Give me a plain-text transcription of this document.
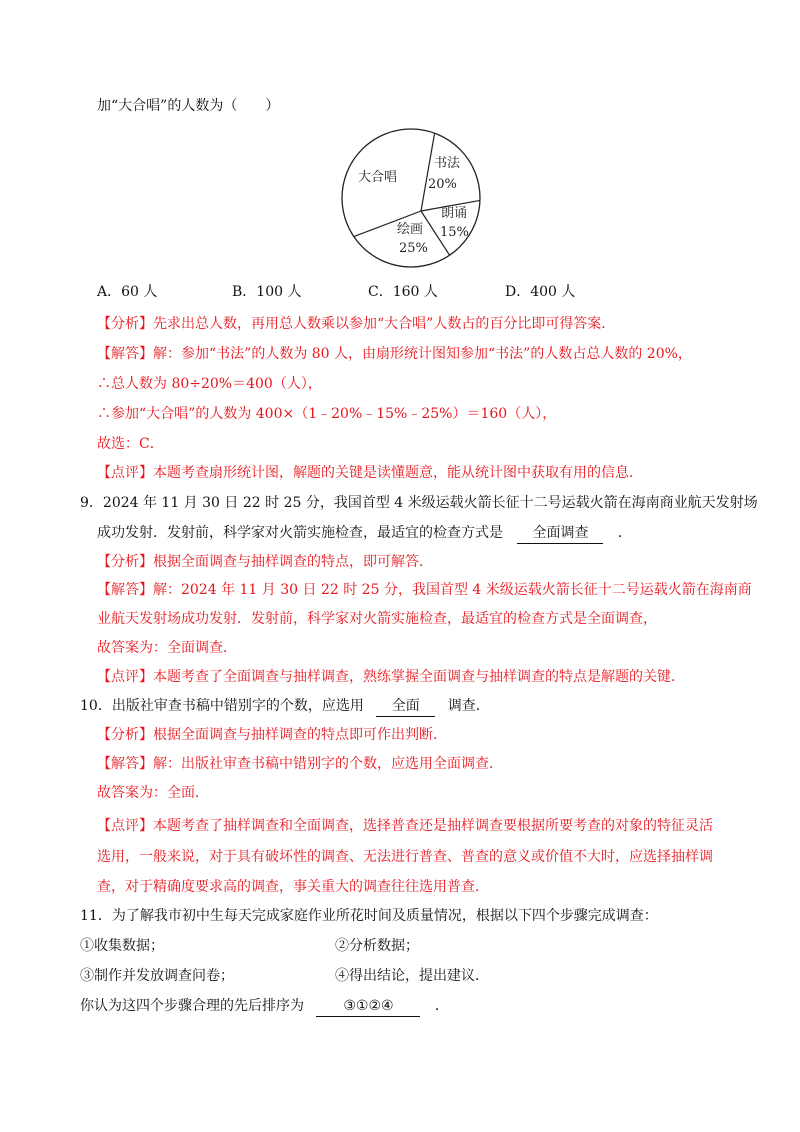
加“大合唱”的人数为（　　）
大合唱
书法
20%
朗诵
15%
绘画
25%
A．60 人	B．100 人	C．160 人	D．400 人
【分析】先求出总人数，再用总人数乘以参加“大合唱”人数占的百分比即可得答案．
【解答】解：参加“书法”的人数为 80 人，由扇形统计图知参加“书法”的人数占总人数的 20%，
∴总人数为 80÷20%＝400（人），
∴参加“大合唱”的人数为 400×（1﹣20%﹣15%﹣25%）＝160（人），
故选：C．
【点评】本题考查扇形统计图，解题的关键是读懂题意，能从统计图中获取有用的信息．
9．2024 年 11 月 30 日 22 时 25 分，我国首型 4 米级运载火箭长征十二号运载火箭在海南商业航天发射场
成功发射．发射前，科学家对火箭实施检查，最适宜的检查方式是 全面调查 ．
【分析】根据全面调查与抽样调查的特点，即可解答．
【解答】解：2024 年 11 月 30 日 22 时 25 分，我国首型 4 米级运载火箭长征十二号运载火箭在海南商
业航天发射场成功发射．发射前，科学家对火箭实施检查，最适宜的检查方式是全面调查，
故答案为：全面调查．
【点评】本题考查了全面调查与抽样调查，熟练掌握全面调查与抽样调查的特点是解题的关键．
10．出版社审查书稿中错别字的个数，应选用 全面 调查．
【分析】根据全面调查与抽样调查的特点即可作出判断．
【解答】解：出版社审查书稿中错别字的个数，应选用全面调查．
故答案为：全面．
【点评】本题考查了抽样调查和全面调查，选择普查还是抽样调查要根据所要考查的对象的特征灵活
选用，一般来说，对于具有破坏性的调查、无法进行普查、普查的意义或价值不大时，应选择抽样调
查，对于精确度要求高的调查，事关重大的调查往往选用普查．
11．为了解我市初中生每天完成家庭作业所花时间及质量情况，根据以下四个步骤完成调查：
①收集数据；	②分析数据；
③制作并发放调查问卷；	④得出结论，提出建议．
你认为这四个步骤合理的先后排序为	③①②④	．
